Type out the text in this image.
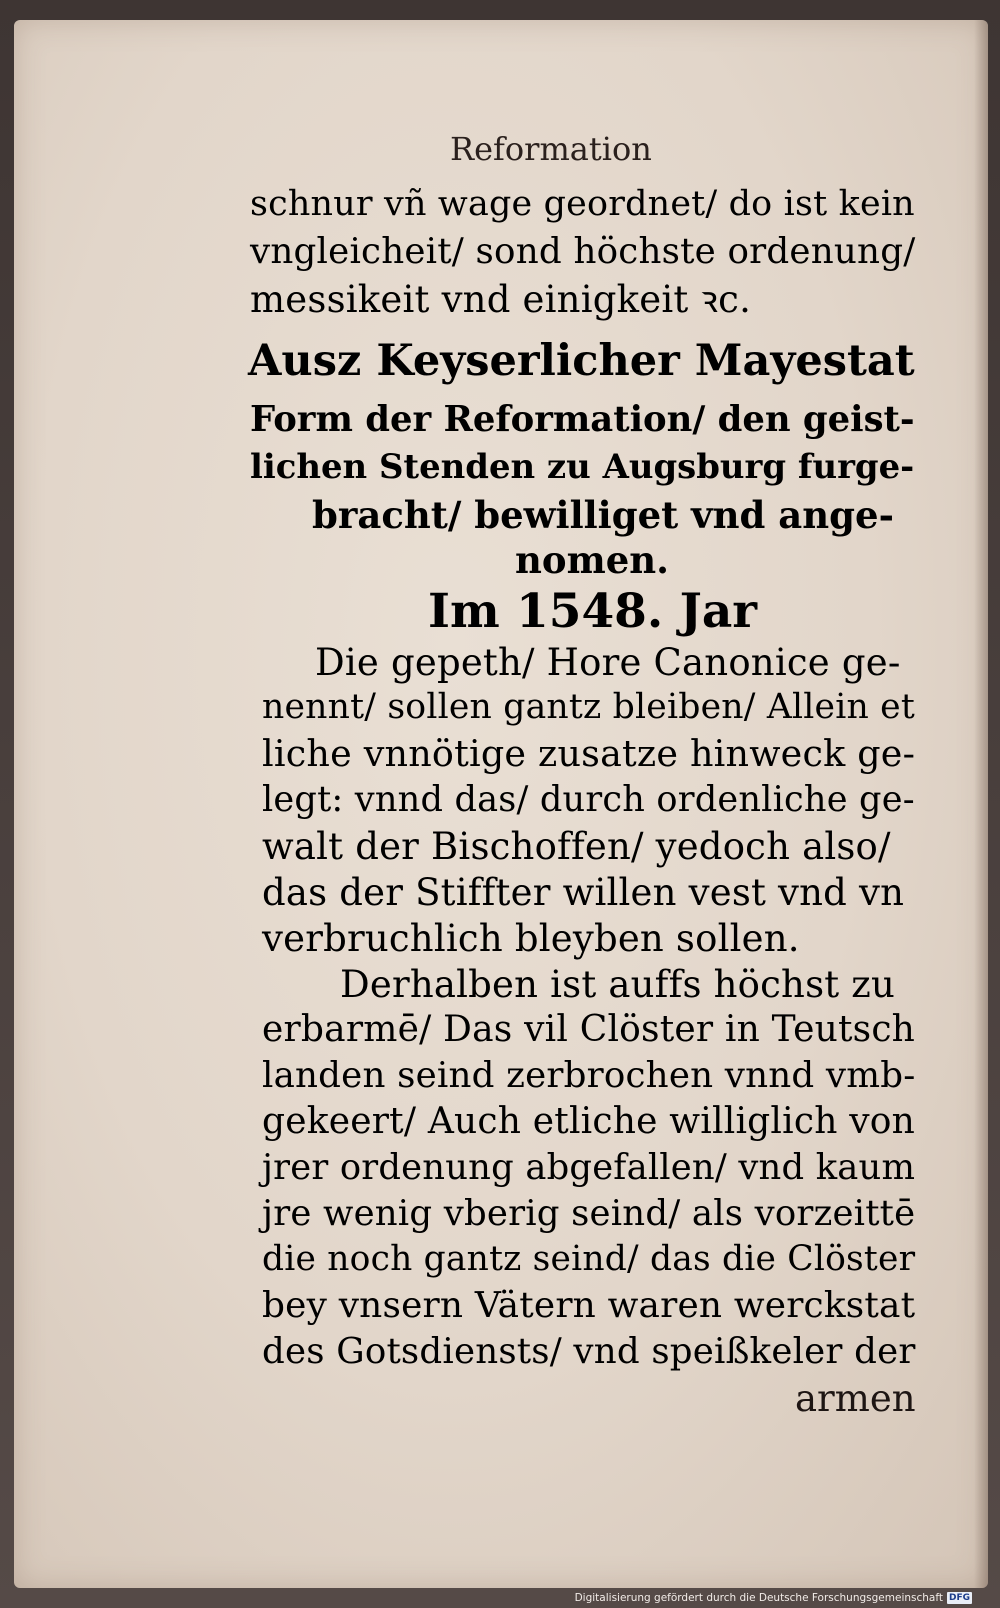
Reformation
schnur vñ wage geordnet/ do ist kein
vngleicheit/ sond höchste ordenung/
messikeit vnd einigkeit ꝛc.
Ausz Keyserlicher Mayestat
Form der Reformation/ den geist-
lichen Stenden zu Augsburg furge-
bracht/ bewilliget vnd ange-
nomen.
Im 1548. Jar
Die gepeth/ Hore Canonice ge-
nennt/ sollen gantz bleiben/ Allein et
liche vnnötige zusatze hinweck ge-
legt: vnnd das/ durch ordenliche ge-
walt der Bischoffen/ yedoch also/
das der Stiffter willen vest vnd vn
verbruchlich bleyben sollen.
Derhalben ist auffs höchst zu
erbarmē/ Das vil Clöster in Teutsch
landen seind zerbrochen vnnd vmb-
gekeert/ Auch etliche williglich von
jrer ordenung abgefallen/ vnd kaum
jre wenig vberig seind/ als vorzeittē
die noch gantz seind/ das die Clöster
bey vnsern Vätern waren werckstat
des Gotsdiensts/ vnd speißkeler der
armen
Digitalisierung gefördert durch die Deutsche Forschungsgemeinschaft DFG
